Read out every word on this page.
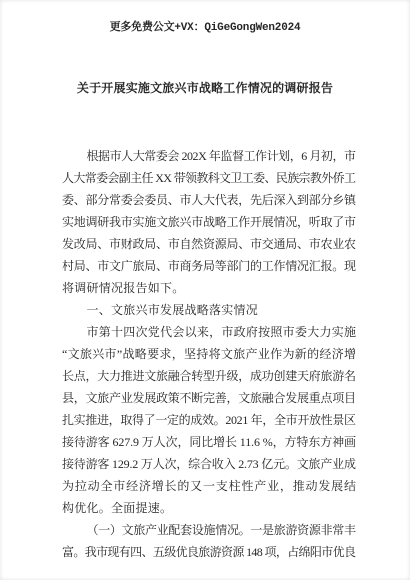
更多免费公文+VX：QiGeGongWen2024
关于开展实施文旅兴市战略工作情况的调研报告
根据市人大常委会 202X 年监督工作计划，6 月初，市
人大常委会副主任 XX 带领教科文卫工委、民族宗教外侨工
委、部分常委会委员、市人大代表，先后深入到部分乡镇
实地调研我市实施文旅兴市战略工作开展情况，听取了市
发改局、市财政局、市自然资源局、市交通局、市农业农
村局、市文广旅局、市商务局等部门的工作情况汇报。现
将调研情况报告如下。
一、文旅兴市发展战略落实情况
市第十四次党代会以来，市政府按照市委大力实施
“文旅兴市”战略要求，坚持将文旅产业作为新的经济增
长点，大力推进文旅融合转型升级，成功创建天府旅游名
县，文旅产业发展政策不断完善，文旅融合发展重点项目
扎实推进，取得了一定的成效。2021 年，全市开放性景区
接待游客 627.9 万人次，同比增长 11.6 %，方特东方神画
接待游客 129.2 万人次，综合收入 2.73 亿元。文旅产业成
为拉动全市经济增长的又一支柱性产业，推动发展结
构优化。全面提速。
（一）文旅产业配套设施情况。一是旅游资源非常丰
富。我市现有四、五级优良旅游资源 148 项，占绵阳市优良
